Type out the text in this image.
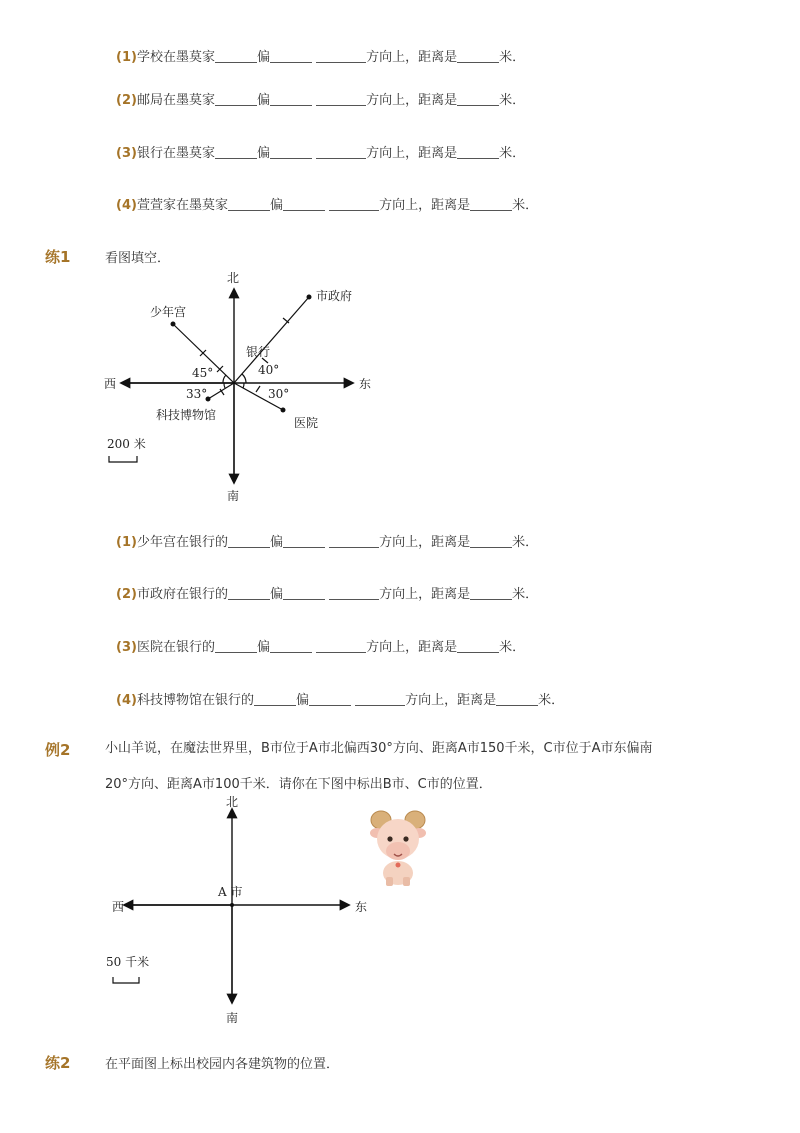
(1)学校在墨莫家	偏	方向上，距离是	米．
(2)邮局在墨莫家	偏	方向上，距离是	米．
(3)银行在墨莫家	偏	方向上，距离是	米．
(4)萱萱家在墨莫家	偏	方向上，距离是	米．
练1	看图填空．
北
南
东
西
少年宫
市政府
银行
医院
科技博物馆
45°	40°
33°	30°
200 米
北
南
东
西
A 市
50 千米
(1)少年宫在银行的	偏	方向上，距离是	米．
(2)市政府在银行的	偏	方向上，距离是	米．
(3)医院在银行的	偏	方向上，距离是	米．
(4)科技博物馆在银行的	偏	方向上，距离是	米．
例2	小山羊说，在魔法世界里，B市位于A市北偏西30°方向、距离A市150千米，C市位于A市东偏南
20°方向、距离A市100千米．请你在下图中标出B市、C市的位置．
练2	在平面图上标出校园内各建筑物的位置．
